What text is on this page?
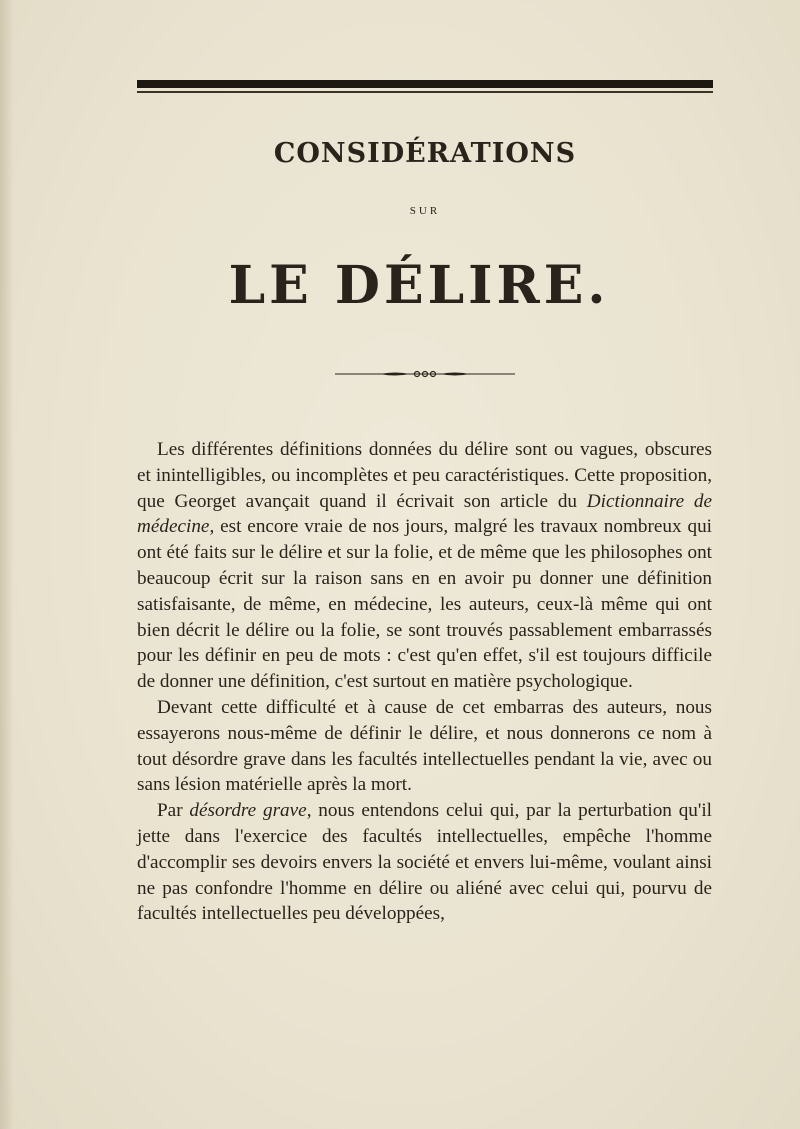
CONSIDÉRATIONS
SUR
LE DÉLIRE.

Les différentes définitions données du délire sont ou vagues, obscures et inintelligibles, ou incomplètes et peu caractéristiques. Cette proposition, que Georget avançait quand il écrivait son article du Dictionnaire de médecine, est encore vraie de nos jours, malgré les travaux nombreux qui ont été faits sur le délire et sur la folie, et de même que les philosophes ont beaucoup écrit sur la raison sans en en avoir pu donner une définition satisfaisante, de même, en médecine, les auteurs, ceux-là même qui ont bien décrit le délire ou la folie, se sont trouvés passablement embarrassés pour les définir en peu de mots : c'est qu'en effet, s'il est toujours difficile de donner une définition, c'est surtout en matière psychologique.

Devant cette difficulté et à cause de cet embarras des auteurs, nous essayerons nous-même de définir le délire, et nous donnerons ce nom à tout désordre grave dans les facultés intellectuelles pendant la vie, avec ou sans lésion matérielle après la mort.

Par désordre grave, nous entendons celui qui, par la perturbation qu'il jette dans l'exercice des facultés intellectuelles, empêche l'homme d'accomplir ses devoirs envers la société et envers lui-même, voulant ainsi ne pas confondre l'homme en délire ou aliéné avec celui qui, pourvu de facultés intellectuelles peu développées,
